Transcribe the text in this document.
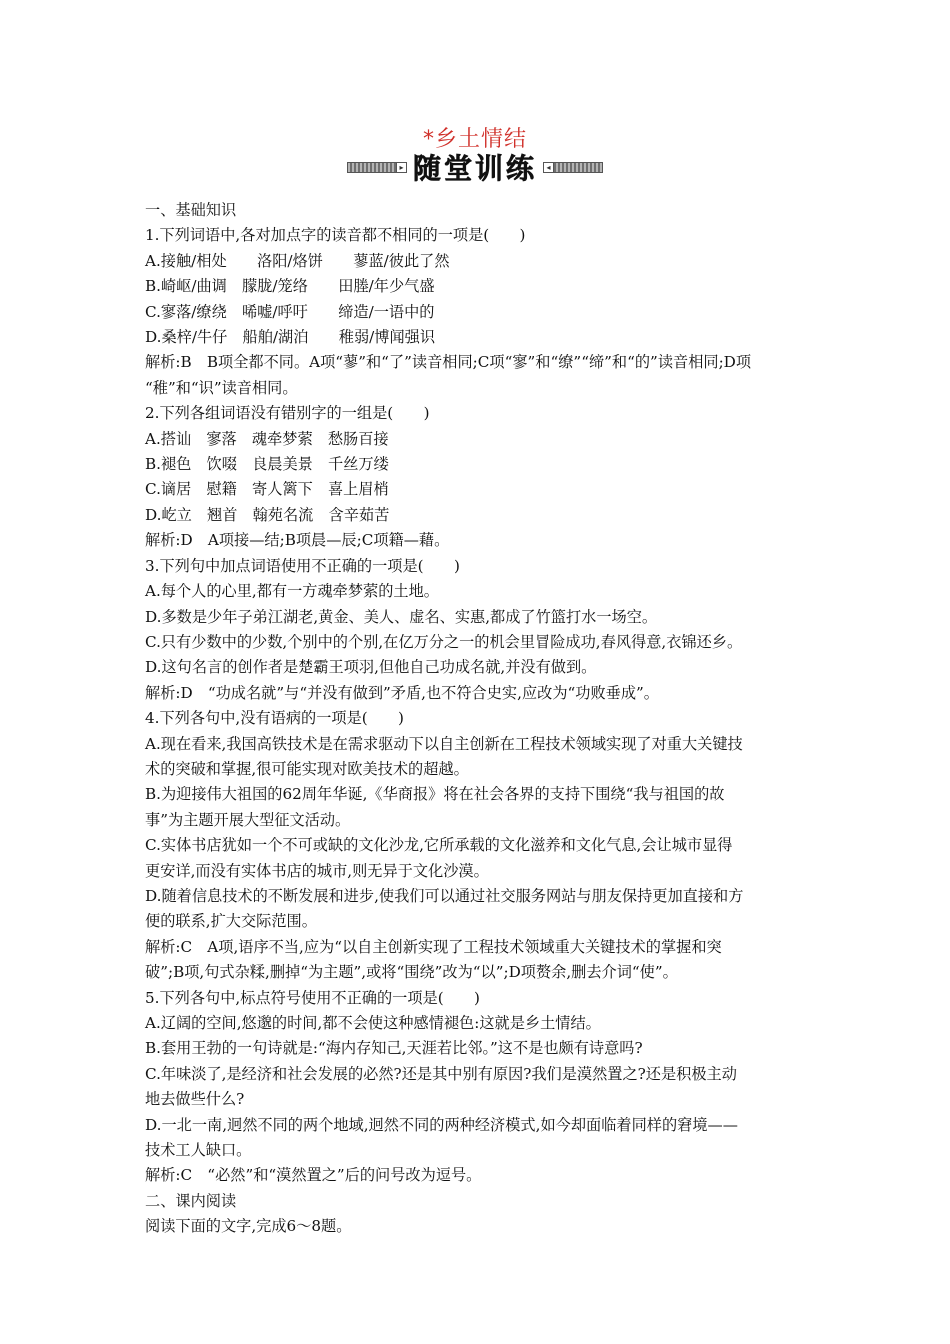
*乡土情结
▸ 随堂训练	◂

一、基础知识

1.下列词语中,各对加点字的读音都不相同的一项是(　　)

A.接触/相处　　洛阳/烙饼　　蓼蓝/彼此了然

B.崎岖/曲调　朦胧/笼络　　田塍/年少气盛

C.寥落/缭绕　唏嘘/呼吁　　缔造/一语中的

D.桑梓/牛仔　船舶/湖泊　　稚弱/博闻强识

解析:B　B项全都不同。A项“蓼”和“了”读音相同;C项“寥”和“缭”“缔”和“的”读音相同;D项

“稚”和“识”读音相同。

2.下列各组词语没有错别字的一组是(　　)

A.搭讪　寥落　魂牵梦萦　愁肠百接

B.褪色　饮啜　良晨美景　千丝万缕

C.谪居　慰籍　寄人篱下　喜上眉梢

D.屹立　翘首　翰苑名流　含辛茹苦

解析:D　A项接—结;B项晨—辰;C项籍—藉。

3.下列句中加点词语使用不正确的一项是(　　)

A.每个人的心里,都有一方魂牵梦萦的土地。

D.多数是少年子弟江湖老,黄金、美人、虚名、实惠,都成了竹篮打水一场空。

C.只有少数中的少数,个别中的个别,在亿万分之一的机会里冒险成功,春风得意,衣锦还乡。

D.这句名言的创作者是楚霸王项羽,但他自己功成名就,并没有做到。

解析:D　“功成名就”与“并没有做到”矛盾,也不符合史实,应改为“功败垂成”。

4.下列各句中,没有语病的一项是(　　)

A.现在看来,我国高铁技术是在需求驱动下以自主创新在工程技术领域实现了对重大关键技

术的突破和掌握,很可能实现对欧美技术的超越。

B.为迎接伟大祖国的62周年华诞,《华商报》将在社会各界的支持下围绕“我与祖国的故

事”为主题开展大型征文活动。

C.实体书店犹如一个不可或缺的文化沙龙,它所承载的文化滋养和文化气息,会让城市显得

更安详,而没有实体书店的城市,则无异于文化沙漠。

D.随着信息技术的不断发展和进步,使我们可以通过社交服务网站与朋友保持更加直接和方

便的联系,扩大交际范围。

解析:C　A项,语序不当,应为“以自主创新实现了工程技术领域重大关键技术的掌握和突

破”;B项,句式杂糅,删掉“为主题”,或将“围绕”改为“以”;D项赘余,删去介词“使”。

5.下列各句中,标点符号使用不正确的一项是(　　)

A.辽阔的空间,悠邈的时间,都不会使这种感情褪色:这就是乡土情结。

B.套用王勃的一句诗就是:“海内存知己,天涯若比邻。”这不是也颇有诗意吗?

C.年味淡了,是经济和社会发展的必然?还是其中别有原因?我们是漠然置之?还是积极主动

地去做些什么?

D.一北一南,迥然不同的两个地域,迥然不同的两种经济模式,如今却面临着同样的窘境——

技术工人缺口。

解析:C　“必然”和“漠然置之”后的问号改为逗号。

二、课内阅读

阅读下面的文字,完成6～8题。
